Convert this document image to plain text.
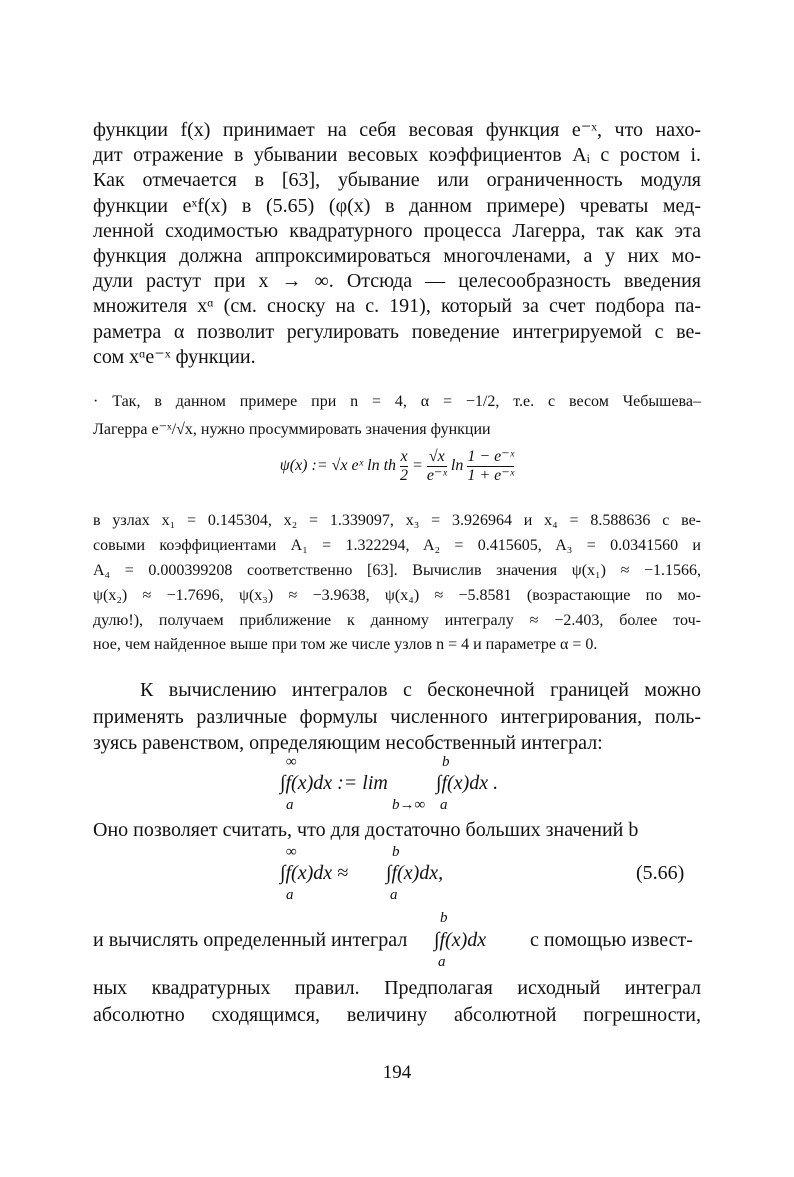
функции f(x) принимает на себя весовая функция e⁻ˣ, что нахо-
дит отражение в убывании весовых коэффициентов Aᵢ с ростом i.
Как отмечается в [63], убывание или ограниченность модуля
функции eˣf(x) в (5.65) (φ(x) в данном примере) чреваты мед-
ленной сходимостью квадратурного процесса Лагерра, так как эта
функция должна аппроксимироваться многочленами, а у них мо-
дули растут при x → ∞. Отсюда — целесообразность введения
множителя xᵅ (см. сноску на с. 191), который за счет подбора па-
раметра α позволит регулировать поведение интегрируемой с ве-
сом xᵅe⁻ˣ функции.
· Так, в данном примере при n = 4, α = −1/2, т.е. с весом Чебышева–
Лагерра e⁻ˣ/√x, нужно просуммировать значения функции
ψ(x) := √x eˣ ln th $\frac{x}{2} = \frac{√x}{\text{e⁻ˣ}}$ $\ln \frac{\text{1 − e⁻ˣ}}{\text{1 + e⁻ˣ}}$
в узлах x₁ = 0.145304, x₂ = 1.339097, x₃ = 3.926964 и x₄ = 8.588636 с ве-
совыми коэффициентами A₁ = 1.322294, A₂ = 0.415605, A₃ = 0.0341560 и
A₄ = 0.000399208 соответственно [63]. Вычислив значения ψ(x₁) ≈ −1.1566,
ψ(x₂) ≈ −1.7696, ψ(x₃) ≈ −3.9638, ψ(x₄) ≈ −5.8581 (возрастающие по мо-
дулю!), получаем приближение к данному интегралу ≈ −2.403, более точ-
ное, чем найденное выше при том же числе узлов n = 4 и параметре α = 0.
К вычислению интегралов с бесконечной границей можно
применять различные формулы численного интегрирования, поль-
зуясь равенством, определяющим несобственный интеграл:
∞
∫f(x)dx := lim
a	b→∞
b
∫f(x)dx .
a
Оно позволяет считать, что для достаточно больших значений b
∞
∫f(x)dx ≈
a
b
∫f(x)dx,
a
(5.66)
и вычислять определенный интеграл
b
∫f(x)dx
a
с помощью извест-
ных квадратурных правил. Предполагая исходный интеграл
абсолютно сходящимся, величину абсолютной погрешности,
194
